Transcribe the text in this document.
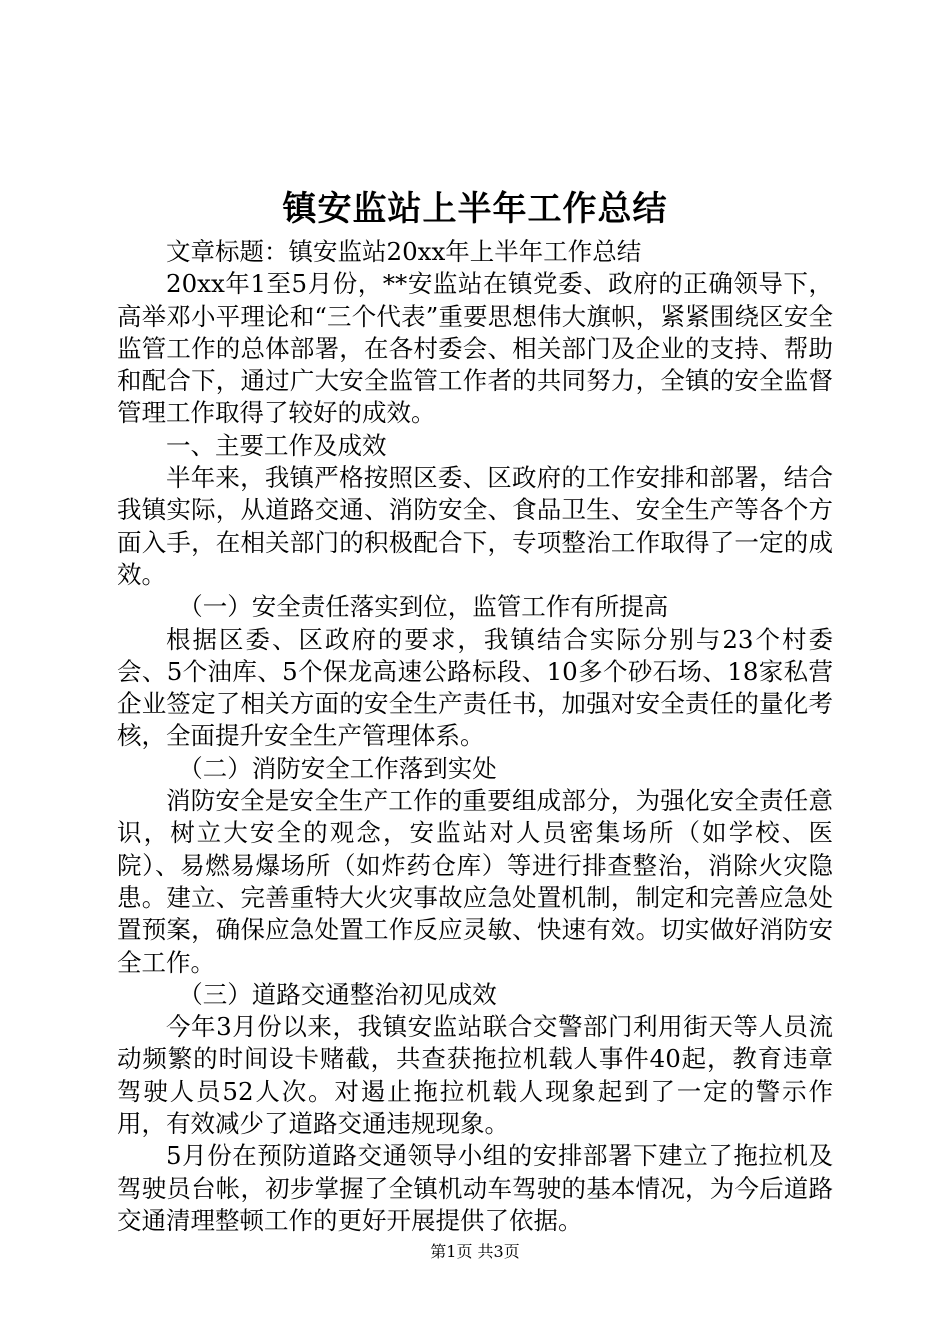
镇安监站上半年工作总结

文章标题：镇安监站20xx年上半年工作总结

20xx年1至5月份，**安监站在镇党委、政府的正确领导下，高举邓小平理论和“三个代表”重要思想伟大旗帜，紧紧围绕区安全监管工作的总体部署，在各村委会、相关部门及企业的支持、帮助和配合下，通过广大安全监管工作者的共同努力，全镇的安全监督管理工作取得了较好的成效。

一、主要工作及成效

半年来，我镇严格按照区委、区政府的工作安排和部署，结合我镇实际，从道路交通、消防安全、食品卫生、安全生产等各个方面入手，在相关部门的积极配合下，专项整治工作取得了一定的成效。

（一）安全责任落实到位，监管工作有所提高

根据区委、区政府的要求，我镇结合实际分别与23个村委会、5个油库、5个保龙高速公路标段、10多个砂石场、18家私营企业签定了相关方面的安全生产责任书，加强对安全责任的量化考核，全面提升安全生产管理体系。

（二）消防安全工作落到实处

消防安全是安全生产工作的重要组成部分，为强化安全责任意识，树立大安全的观念，安监站对人员密集场所（如学校、医院）、易燃易爆场所（如炸药仓库）等进行排查整治，消除火灾隐患。建立、完善重特大火灾事故应急处置机制，制定和完善应急处置预案，确保应急处置工作反应灵敏、快速有效。切实做好消防安全工作。

（三）道路交通整治初见成效

今年3月份以来，我镇安监站联合交警部门利用街天等人员流动频繁的时间设卡赌截，共查获拖拉机载人事件40起，教育违章驾驶人员52人次。对遏止拖拉机载人现象起到了一定的警示作用，有效减少了道路交通违规现象。

5月份在预防道路交通领导小组的安排部署下建立了拖拉机及驾驶员台帐，初步掌握了全镇机动车驾驶的基本情况，为今后道路交通清理整顿工作的更好开展提供了依据。

第1页 共3页
